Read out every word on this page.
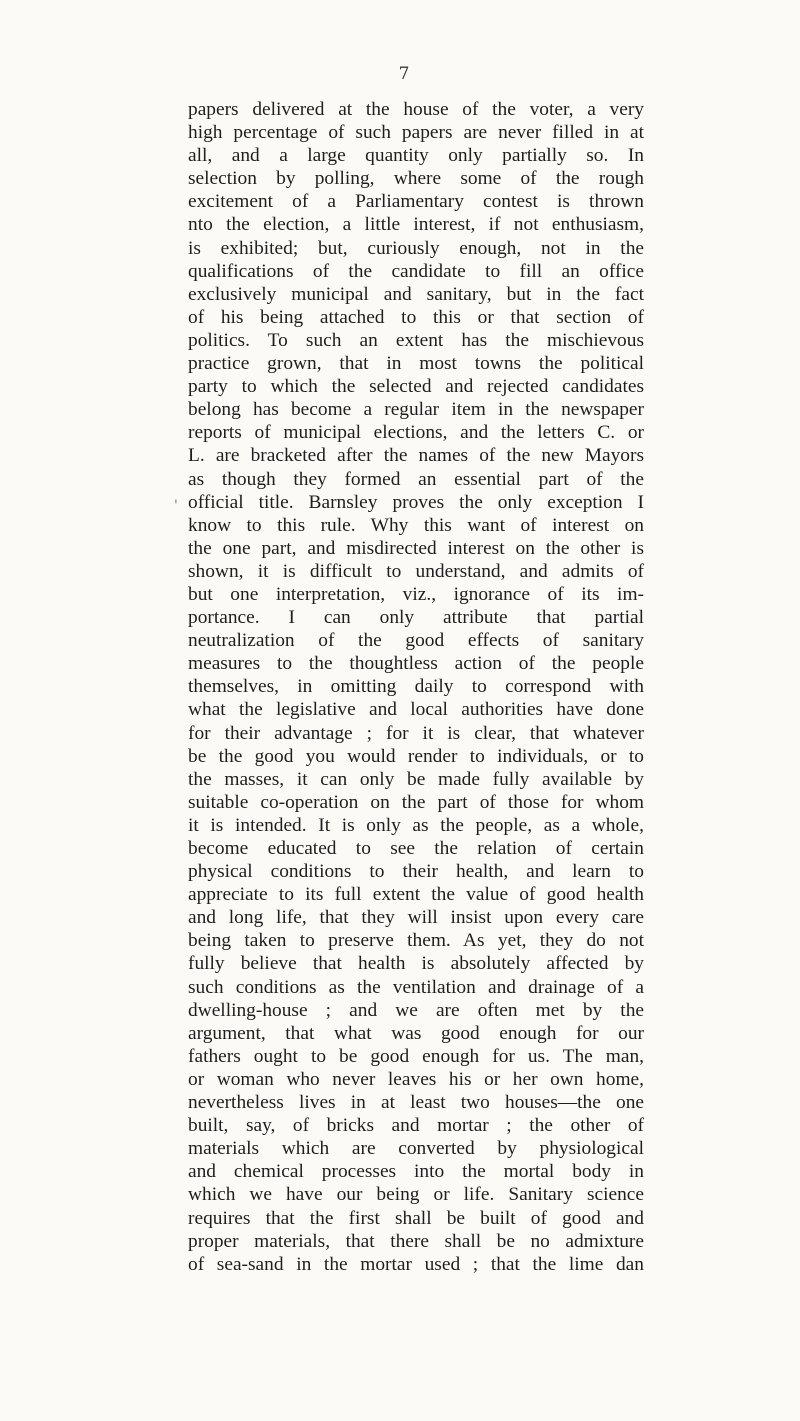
7
'
papers delivered at the house of the voter, a very
high percentage of such papers are never filled in at
all, and a large quantity only partially so. In
selection by polling, where some of the rough
excitement of a Parliamentary contest is thrown
nto the election, a little interest, if not enthusiasm,
is exhibited; but, curiously enough, not in the
qualifications of the candidate to fill an office
exclusively municipal and sanitary, but in the fact
of his being attached to this or that section of
politics. To such an extent has the mischievous
practice grown, that in most towns the political
party to which the selected and rejected candidates
belong has become a regular item in the newspaper
reports of municipal elections, and the letters C. or
L. are bracketed after the names of the new Mayors
as though they formed an essential part of the
official title. Barnsley proves the only exception I
know to this rule. Why this want of interest on
the one part, and misdirected interest on the other is
shown, it is difficult to understand, and admits of
but one interpretation, viz., ignorance of its im-
portance. I can only attribute that partial
neutralization of the good effects of sanitary
measures to the thoughtless action of the people
themselves, in omitting daily to correspond with
what the legislative and local authorities have done
for their advantage ; for it is clear, that whatever
be the good you would render to individuals, or to
the masses, it can only be made fully available by
suitable co-operation on the part of those for whom
it is intended. It is only as the people, as a whole,
become educated to see the relation of certain
physical conditions to their health, and learn to
appreciate to its full extent the value of good health
and long life, that they will insist upon every care
being taken to preserve them. As yet, they do not
fully believe that health is absolutely affected by
such conditions as the ventilation and drainage of a
dwelling-house ; and we are often met by the
argument, that what was good enough for our
fathers ought to be good enough for us. The man,
or woman who never leaves his or her own home,
nevertheless lives in at least two houses—the one
built, say, of bricks and mortar ; the other of
materials which are converted by physiological
and chemical processes into the mortal body in
which we have our being or life. Sanitary science
requires that the first shall be built of good and
proper materials, that there shall be no admixture
of sea-sand in the mortar used ; that the lime dan
